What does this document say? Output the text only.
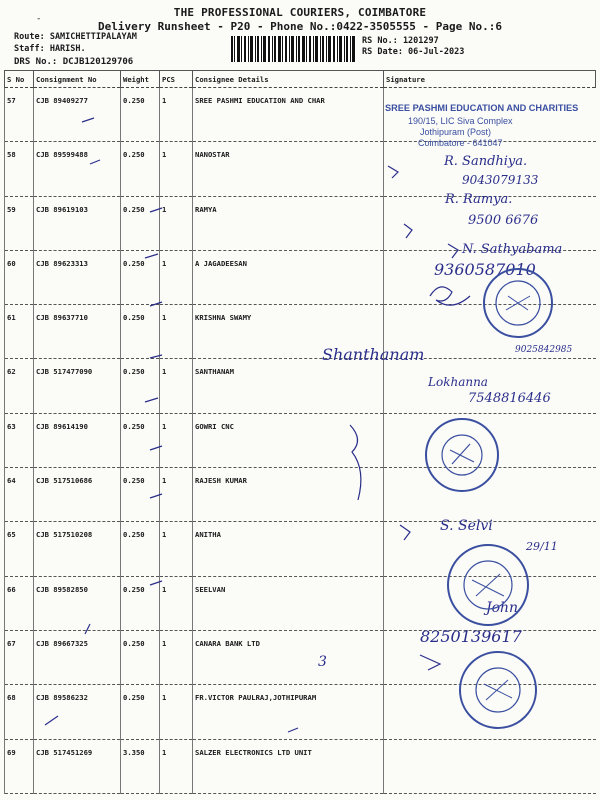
-	THE PROFESSIONAL COURIERS, COIMBATORE
Delivery Runsheet - P20 - Phone No.:0422-3505555 - Page No.:6
Route: SAMICHETTIPALAYAM
Staff: HARISH.
DRS No.: DCJB120129706
RS No.: 1201297
RS Date: 06-Jul-2023
S No	Consignment No	Weight	PCS	Consignee Details	Signature
57	CJB 89409277	0.250	1	SREE PASHMI EDUCATION AND CHAR	
58	CJB 89599488	0.250	1	NANOSTAR	
59	CJB 89619103	0.250	1	RAMYA	
60	CJB 89623313	0.250	1	A JAGADEESAN	
61	CJB 89637710	0.250	1	KRISHNA SWAMY	
62	CJB 517477090	0.250	1	SANTHANAM	
63	CJB 89614190	0.250	1	GOWRI CNC	
64	CJB 517510686	0.250	1	RAJESH KUMAR	
65	CJB 517510208	0.250	1	ANITHA	
66	CJB 89582850	0.250	1	SEELVAN	
67	CJB 89667325	0.250	1	CANARA BANK LTD	
68	CJB 89586232	0.250	1	FR.VICTOR PAULRAJ,JOTHIPURAM	
69	CJB 517451269	3.350	1	SALZER ELECTRONICS LTD UNIT	
SREE PASHMI EDUCATION AND CHARITIES
190/15, LIC Siva Complex
Jothipuram (Post)
Coimbatore - 641047
R. Sandhiya.
9043079133
R. Ramya.
9500 6676
N. Sathyabama
9360587010
Shanthanam	9025842985
Lokhanna
7548816446
S. Selvi
29/11
John
8250139617
3
